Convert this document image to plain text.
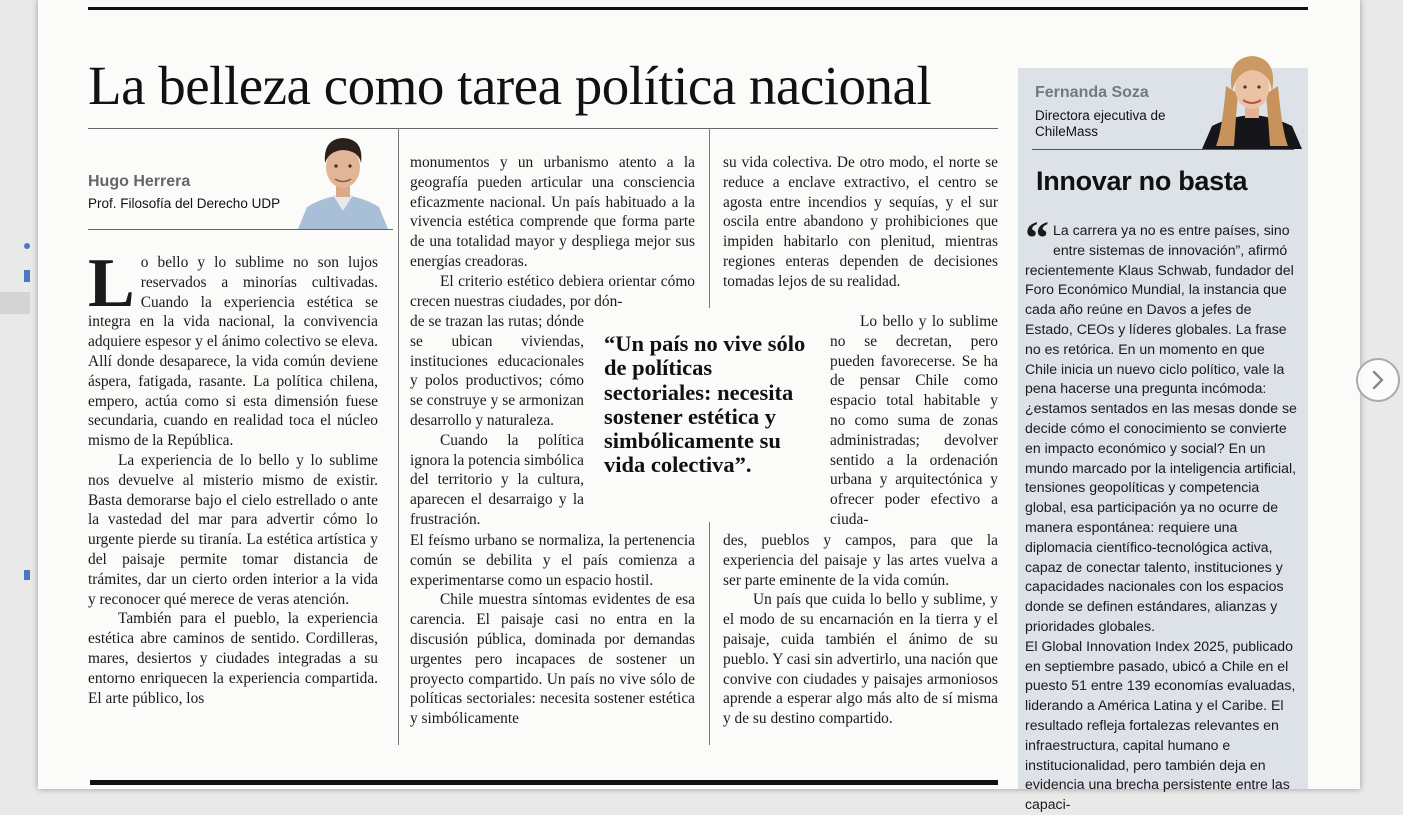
La belleza como tarea política nacional
Hugo Herrera
Prof. Filosofía del Derecho UDP

Lo bello y lo sublime no son lujos reservados a minorías cultivadas. Cuando la experiencia estética se integra en la vida nacional, la convivencia adquiere espesor y el ánimo colectivo se eleva. Allí donde desaparece, la vida común deviene áspera, fatigada, rasante. La política chilena, empero, actúa como si esta dimensión fuese secundaria, cuando en realidad toca el núcleo mismo de la República.

La experiencia de lo bello y lo sublime nos devuelve al misterio mismo de existir. Basta demorarse bajo el cielo estrellado o ante la vastedad del mar para advertir cómo lo urgente pierde su tiranía. La estética artística y del paisaje permite tomar distancia de trámites, dar un cierto orden interior a la vida y reconocer qué merece de veras atención.

También para el pueblo, la experiencia estética abre caminos de sentido. Cordilleras, mares, desiertos y ciudades integradas a su entorno enriquecen la experiencia compartida. El arte público, los

monumentos y un urbanismo atento a la geografía pueden articular una consciencia eficazmente nacional. Un país habituado a la vivencia estética comprende que forma parte de una totalidad mayor y despliega mejor sus energías creadoras.

El criterio estético debiera orientar cómo crecen nuestras ciudades, por dón-

de se trazan las rutas; dónde se ubican viviendas, instituciones educacionales y polos productivos; cómo se construye y se armonizan desarrollo y naturaleza.

Cuando la política ignora la potencia simbólica del territorio y la cultura, aparecen el desarraigo y la frustración.

El feísmo urbano se normaliza, la pertenencia común se debilita y el país comienza a experimentarse como un espacio hostil.

Chile muestra síntomas evidentes de esa carencia. El paisaje casi no entra en la discusión pública, dominada por demandas urgentes pero incapaces de sostener un proyecto compartido. Un país no vive sólo de políticas sectoriales: necesita sostener estética y simbólicamente

su vida colectiva. De otro modo, el norte se reduce a enclave extractivo, el centro se agosta entre incendios y sequías, y el sur oscila entre abandono y prohibiciones que impiden habitarlo con plenitud, mientras regiones enteras dependen de decisiones tomadas lejos de su realidad.

Lo bello y lo sublime no se decretan, pero pueden favorecerse. Se ha de pensar Chile como espacio total habitable y no como suma de zonas administradas; devolver sentido a la ordenación urbana y arquitectónica y ofrecer poder efectivo a ciuda-

des, pueblos y campos, para que la experiencia del paisaje y las artes vuelva a ser parte eminente de la vida común.

Un país que cuida lo bello y sublime, y el modo de su encarnación en la tierra y el paisaje, cuida también el ánimo de su pueblo. Y casi sin advertirlo, una nación que convive con ciudades y paisajes armoniosos aprende a esperar algo más alto de sí misma y de su destino compartido.

“Un país no vive sólo de políticas sectoriales: necesita sostener estética y simbólicamente su vida colectiva”.

Fernanda Soza
Directora ejecutiva de ChileMass
Innovar no basta
“ La carrera ya no es entre países, sino entre sistemas de innovación”, afirmó recientemente Klaus Schwab, fundador del Foro Económico Mundial, la instancia que cada año reúne en Davos a jefes de Estado, CEOs y líderes globales. La frase no es retórica. En un momento en que Chile inicia un nuevo ciclo político, vale la pena hacerse una pregunta incómoda: ¿estamos sentados en las mesas donde se decide cómo el conocimiento se convierte en impacto económico y social? En un mundo marcado por la inteligencia artificial, tensiones geopolíticas y competencia global, esa participación ya no ocurre de manera espontánea: requiere una diplomacia científico-tecnológica activa, capaz de conectar talento, instituciones y capacidades nacionales con los espacios donde se definen estándares, alianzas y prioridades globales.
El Global Innovation Index 2025, publicado en septiembre pasado, ubicó a Chile en el puesto 51 entre 139 economías evaluadas, liderando a América Latina y el Caribe. El resultado refleja fortalezas relevantes en infraestructura, capital humano e institucionalidad, pero también deja en evidencia una brecha persistente entre las capaci-
